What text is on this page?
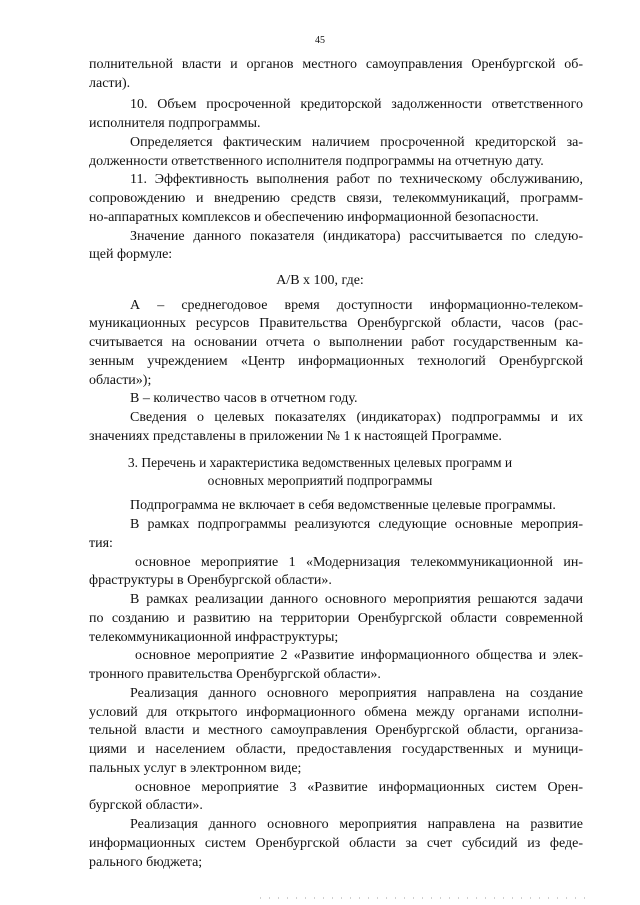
45
полнительной власти и органов местного самоуправления Оренбургской об-
ласти).
10. Объем просроченной кредиторской задолженности ответственного
исполнителя подпрограммы.
Определяется фактическим наличием просроченной кредиторской за-
долженности ответственного исполнителя подпрограммы на отчетную дату.
11. Эффективность выполнения работ по техническому обслуживанию,
сопровождению и внедрению средств связи, телекоммуникаций, программ-
но-аппаратных комплексов и обеспечению информационной безопасности.
Значение данного показателя (индикатора) рассчитывается по следую-
щей формуле:
A/B x 100, где:
А – среднегодовое время доступности информационно-телеком-
муникационных ресурсов Правительства Оренбургской области, часов (рас-
считывается на основании отчета о выполнении работ государственным ка-
зенным учреждением «Центр информационных технологий Оренбургской
области»);
В – количество часов в отчетном году.
Сведения о целевых показателях (индикаторах) подпрограммы и их
значениях представлены в приложении № 1 к настоящей Программе.
3. Перечень и характеристика ведомственных целевых программ и
основных мероприятий подпрограммы
Подпрограмма не включает в себя ведомственные целевые программы.
В рамках подпрограммы реализуются следующие основные мероприя-
тия:
основное мероприятие 1 «Модернизация телекоммуникационной ин-
фраструктуры в Оренбургской области».
В рамках реализации данного основного мероприятия решаются задачи
по созданию и развитию на территории Оренбургской области современной
телекоммуникационной инфраструктуры;
основное мероприятие 2 «Развитие информационного общества и элек-
тронного правительства Оренбургской области».
Реализация данного основного мероприятия направлена на создание
условий для открытого информационного обмена между органами исполни-
тельной власти и местного самоуправления Оренбургской области, организа-
циями и населением области, предоставления государственных и муници-
пальных услуг в электронном виде;
основное мероприятие 3 «Развитие информационных систем Орен-
бургской области».
Реализация данного основного мероприятия направлена на развитие
информационных систем Оренбургской области за счет субсидий из феде-
рального бюджета;
